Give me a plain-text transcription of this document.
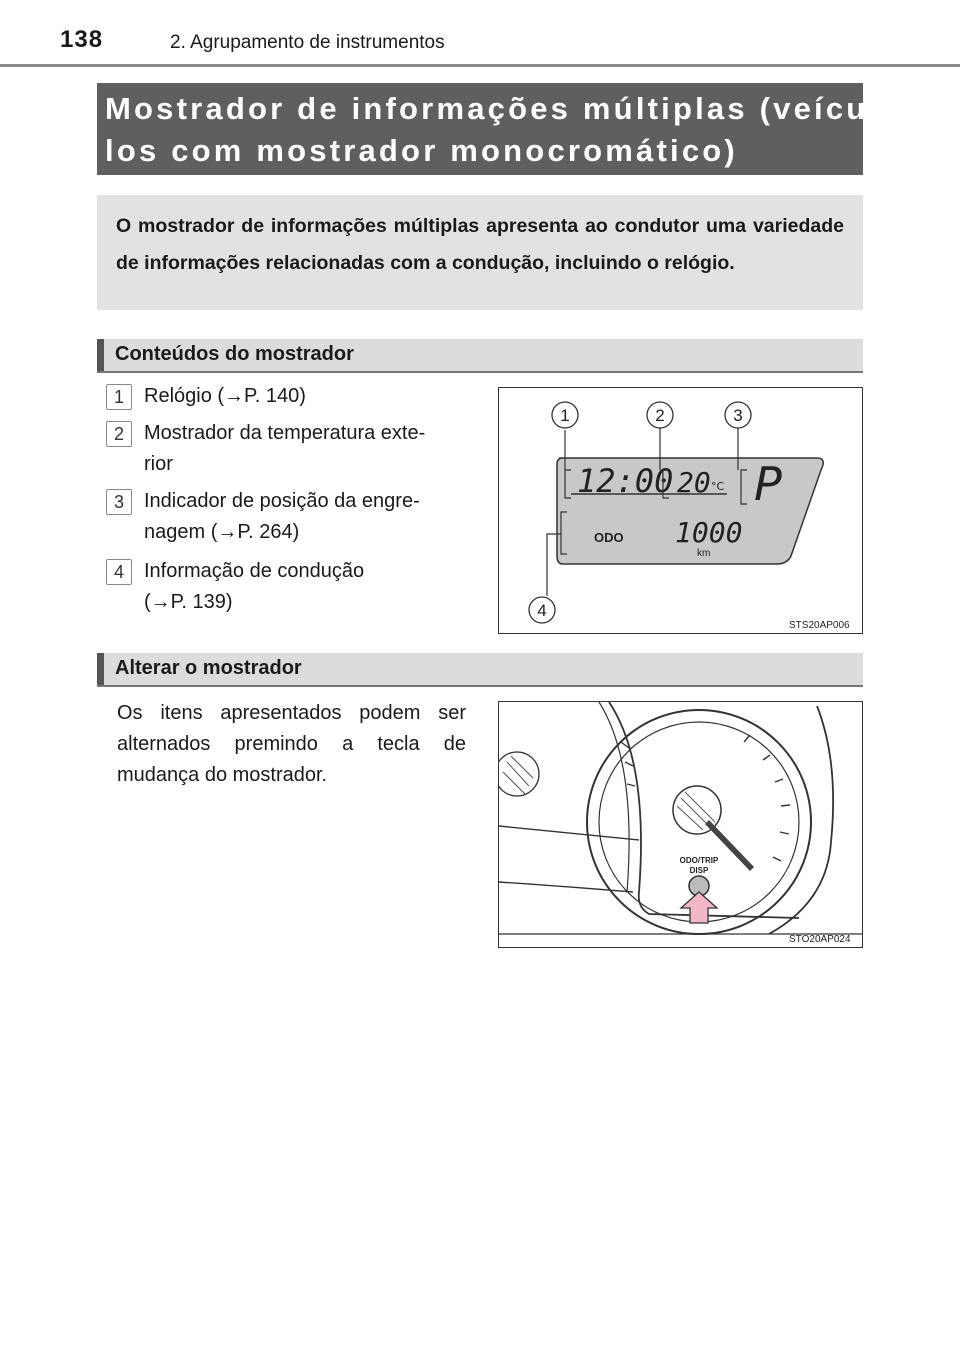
138	2. Agrupamento de instrumentos
Mostrador de informações múltiplas (veícu-
los com mostrador monocromático)
O mostrador de informações múltiplas apresenta ao condutor uma variedade de informações relacionadas com a condução, incluindo o relógio.
Conteúdos do mostrador
1	Relógio (→P. 140)
2	Mostrador da temperatura exte-
rior
3	Indicador de posição da engre-
nagem (→P. 264)
4	Informação de condução
(→P. 139)
12:00 20 °C P
ODO 1000
km
1	2	3
4
STS20AP006
Alterar o mostrador
Os itens apresentados podem ser alternados premindo a tecla de mudança do mostrador.
ODO/TRIP
DISP
STO20AP024
